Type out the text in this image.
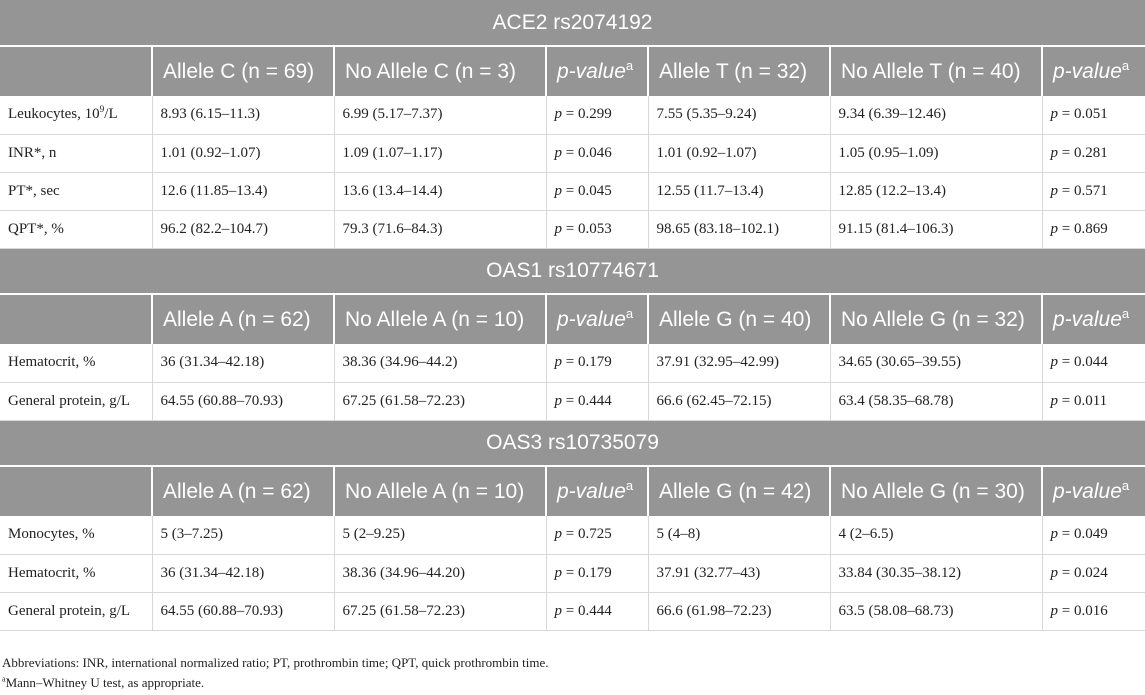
ACE2 rs2074192						
	Allele C (n = 69)	No Allele C (n = 3)	p-value$^a$	Allele T (n = 32)	No Allele T (n = 40)	p-value$^a$
Leukocytes, $10^9/L$	8.93 (6.15–11.3)	6.99 (5.17–7.37)	p = 0.299	7.55 (5.35–9.24)	9.34 (6.39–12.46)	p = 0.051
INR*, n	1.01 (0.92–1.07)	1.09 (1.07–1.17)	p = 0.046	1.01 (0.92–1.07)	1.05 (0.95–1.09)	p = 0.281
PT*, sec	12.6 (11.85–13.4)	13.6 (13.4–14.4)	p = 0.045	12.55 (11.7–13.4)	12.85 (12.2–13.4)	p = 0.571
QPT*, %	96.2 (82.2–104.7)	79.3 (71.6–84.3)	p = 0.053	98.65 (83.18–102.1)	91.15 (81.4–106.3)	p = 0.869
OAS1 rs10774671						
	Allele A (n = 62)	No Allele A (n = 10)	p-value$^a$	Allele G (n = 40)	No Allele G (n = 32)	p-value$^a$
Hematocrit, %	36 (31.34–42.18)	38.36 (34.96–44.2)	p = 0.179	37.91 (32.95–42.99)	34.65 (30.65–39.55)	p = 0.044
General protein, g/L	64.55 (60.88–70.93)	67.25 (61.58–72.23)	p = 0.444	66.6 (62.45–72.15)	63.4 (58.35–68.78)	p = 0.011
OAS3 rs10735079						
	Allele A (n = 62)	No Allele A (n = 10)	p-value$^a$	Allele G (n = 42)	No Allele G (n = 30)	p-value$^a$
Monocytes, %	5 (3–7.25)	5 (2–9.25)	p = 0.725	5 (4–8)	4 (2–6.5)	p = 0.049
Hematocrit, %	36 (31.34–42.18)	38.36 (34.96–44.20)	p = 0.179	37.91 (32.77–43)	33.84 (30.35–38.12)	p = 0.024
General protein, g/L	64.55 (60.88–70.93)	67.25 (61.58–72.23)	p = 0.444	66.6 (61.98–72.23)	63.5 (58.08–68.73)	p = 0.016
Abbreviations: INR, international normalized ratio; PT, prothrombin time; QPT, quick prothrombin time.
$^a$Mann–Whitney U test, as appropriate.
